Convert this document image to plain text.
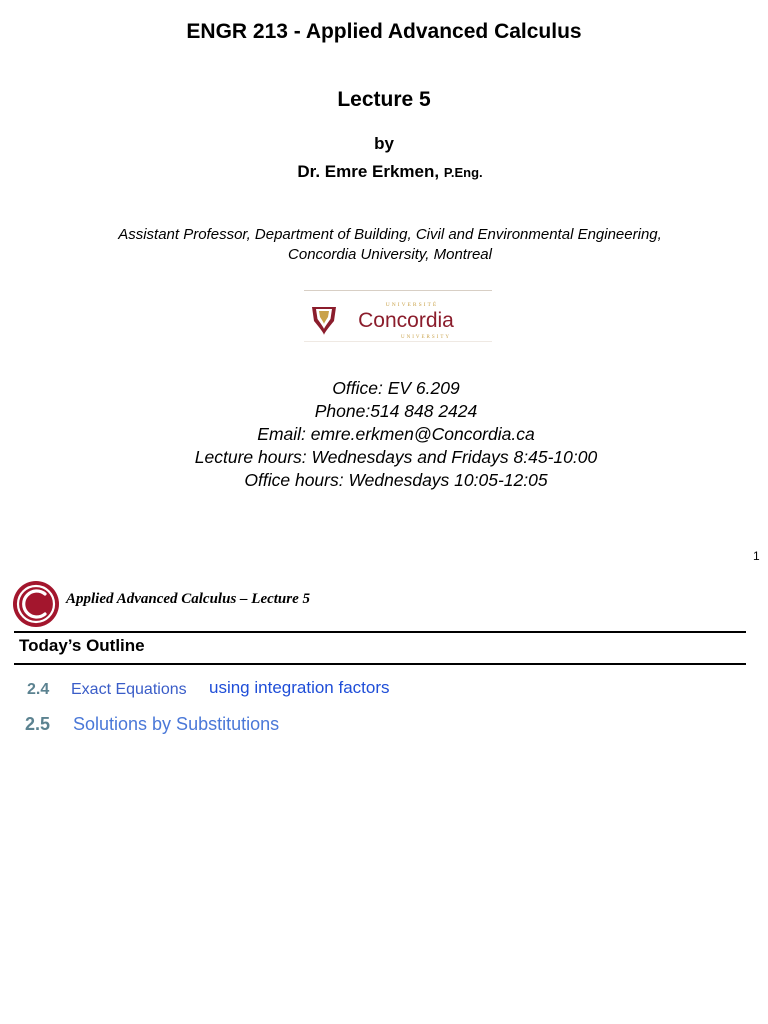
ENGR 213 - Applied Advanced Calculus
Lecture 5
by
Dr. Emre Erkmen, P.Eng.
Assistant Professor, Department of Building, Civil and Environmental Engineering,
Concordia University, Montreal
UNIVERSITÉ
Concordia
UNIVERSITY
Office: EV 6.209
Phone:514 848 2424
Email: emre.erkmen@Concordia.ca
Lecture hours: Wednesdays and Fridays 8:45-10:00
Office hours: Wednesdays 10:05-12:05
1
Applied Advanced Calculus – Lecture 5
Today’s Outline
2.4 Exact Equations using integration factors
2.5 Solutions by Substitutions
